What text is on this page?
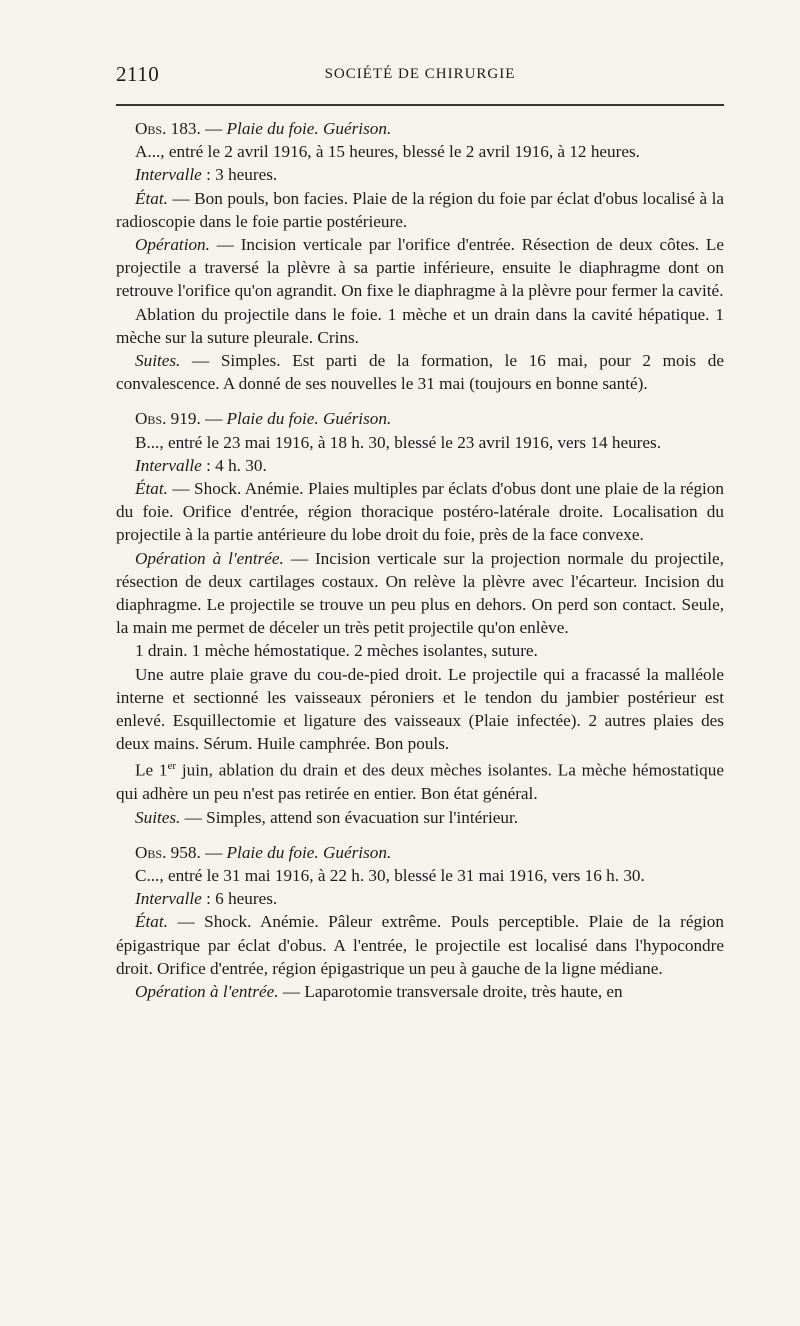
2110	SOCIÉTÉ DE CHIRURGIE

Obs. 183. — Plaie du foie. Guérison.

A..., entré le 2 avril 1916, à 15 heures, blessé le 2 avril 1916, à 12 heures.

Intervalle : 3 heures.

État. — Bon pouls, bon facies. Plaie de la région du foie par éclat d'obus localisé à la radioscopie dans le foie partie postérieure.

Opération. — Incision verticale par l'orifice d'entrée. Résection de deux côtes. Le projectile a traversé la plèvre à sa partie inférieure, ensuite le diaphragme dont on retrouve l'orifice qu'on agrandit. On fixe le diaphragme à la plèvre pour fermer la cavité.

Ablation du projectile dans le foie. 1 mèche et un drain dans la cavité hépatique. 1 mèche sur la suture pleurale. Crins.

Suites. — Simples. Est parti de la formation, le 16 mai, pour 2 mois de convalescence. A donné de ses nouvelles le 31 mai (toujours en bonne santé).

Obs. 919. — Plaie du foie. Guérison.

B..., entré le 23 mai 1916, à 18 h. 30, blessé le 23 avril 1916, vers 14 heures.

Intervalle : 4 h. 30.

État. — Shock. Anémie. Plaies multiples par éclats d'obus dont une plaie de la région du foie. Orifice d'entrée, région thoracique postéro-latérale droite. Localisation du projectile à la partie antérieure du lobe droit du foie, près de la face convexe.

Opération à l'entrée. — Incision verticale sur la projection normale du projectile, résection de deux cartilages costaux. On relève la plèvre avec l'écarteur. Incision du diaphragme. Le projectile se trouve un peu plus en dehors. On perd son contact. Seule, la main me permet de déceler un très petit projectile qu'on enlève.

1 drain. 1 mèche hémostatique. 2 mèches isolantes, suture.

Une autre plaie grave du cou-de-pied droit. Le projectile qui a fracassé la malléole interne et sectionné les vaisseaux péroniers et le tendon du jambier postérieur est enlevé. Esquillectomie et ligature des vaisseaux (Plaie infectée). 2 autres plaies des deux mains. Sérum. Huile camphrée. Bon pouls.

Le 1er juin, ablation du drain et des deux mèches isolantes. La mèche hémostatique qui adhère un peu n'est pas retirée en entier. Bon état général.

Suites. — Simples, attend son évacuation sur l'intérieur.

Obs. 958. — Plaie du foie. Guérison.

C..., entré le 31 mai 1916, à 22 h. 30, blessé le 31 mai 1916, vers 16 h. 30.

Intervalle : 6 heures.

État. — Shock. Anémie. Pâleur extrême. Pouls perceptible. Plaie de la région épigastrique par éclat d'obus. A l'entrée, le projectile est localisé dans l'hypocondre droit. Orifice d'entrée, région épigastrique un peu à gauche de la ligne médiane.

Opération à l'entrée. — Laparotomie transversale droite, très haute, en
